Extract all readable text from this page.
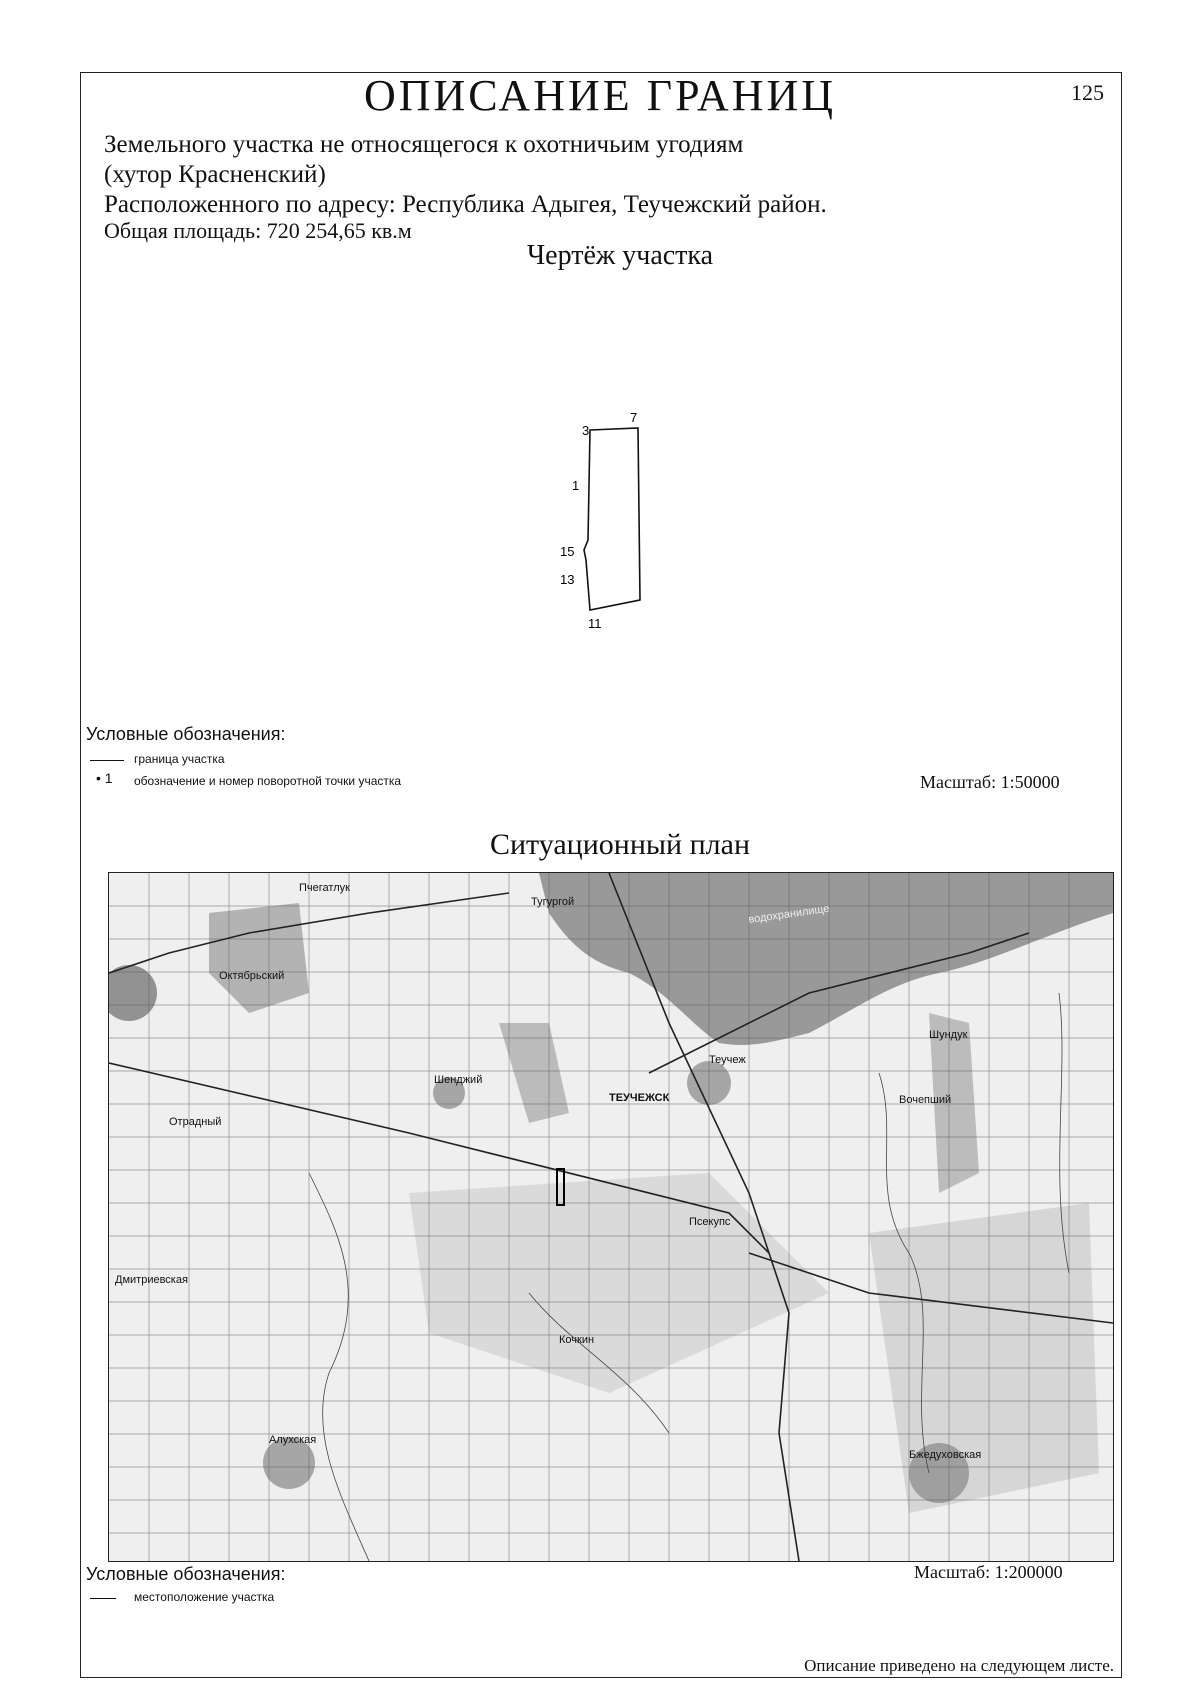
ОПИСАНИЕ ГРАНИЦ	125
Земельного участка не относящегося к охотничьим угодиям
(хутор Красненский)
Расположенного по адресу: Республика Адыгея, Теучежский район.
Общая площадь: 720 254,65 кв.м
Чертёж участка
3
7
1
15
13
11
Условные обозначения:
граница участка
• 1 обозначение и номер поворотной точки участка	Масштаб: 1:50000
Ситуационный план
ТЕУЧЕЖСК
Октябрьский
Шенджий
Пчегатлук
Псекупс
Вочепший
Дмитриевская
Алухская
Бжедуховская
Отрадный
Шундук
Тугургой
Теучеж
Кочкин
водохранилище
Условные обозначения:
местоположение участка
Масштаб: 1:200000
Описание приведено на следующем листе.
